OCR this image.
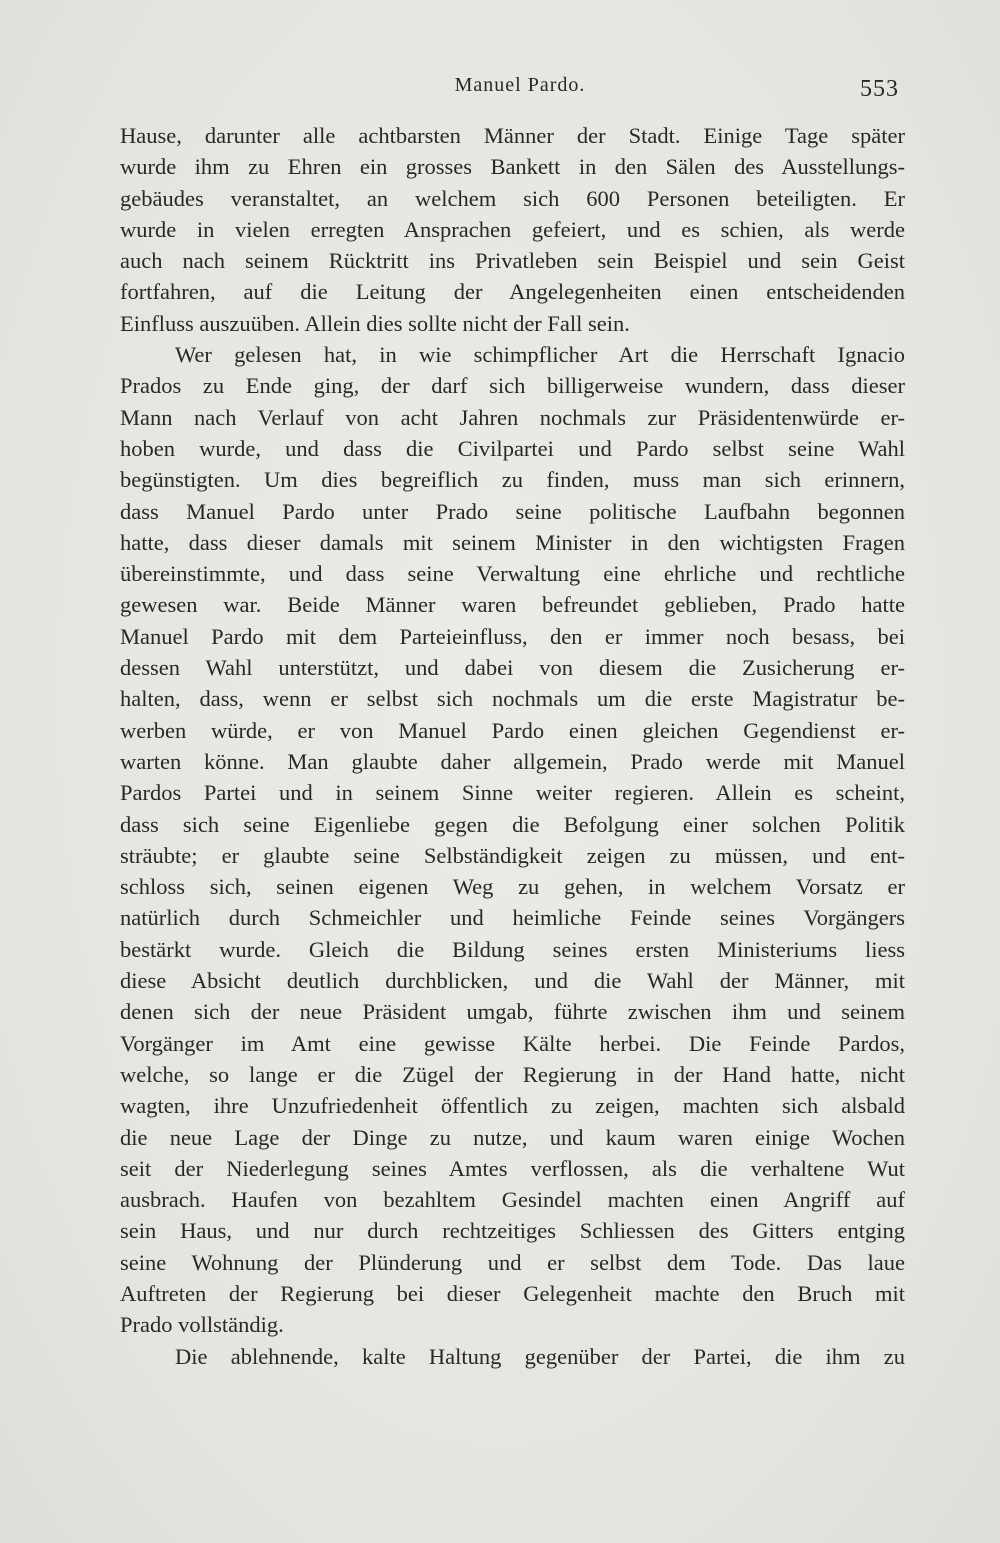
Manuel Pardo.	553
Hause, darunter alle achtbarsten Männer der Stadt. Einige Tage später
wurde ihm zu Ehren ein grosses Bankett in den Sälen des Ausstellungs-
gebäudes veranstaltet, an welchem sich 600 Personen beteiligten. Er
wurde in vielen erregten Ansprachen gefeiert, und es schien, als werde
auch nach seinem Rücktritt ins Privatleben sein Beispiel und sein Geist
fortfahren, auf die Leitung der Angelegenheiten einen entscheidenden
Einfluss auszuüben. Allein dies sollte nicht der Fall sein.
Wer gelesen hat, in wie schimpflicher Art die Herrschaft Ignacio
Prados zu Ende ging, der darf sich billigerweise wundern, dass dieser
Mann nach Verlauf von acht Jahren nochmals zur Präsidentenwürde er-
hoben wurde, und dass die Civilpartei und Pardo selbst seine Wahl
begünstigten. Um dies begreiflich zu finden, muss man sich erinnern,
dass Manuel Pardo unter Prado seine politische Laufbahn begonnen
hatte, dass dieser damals mit seinem Minister in den wichtigsten Fragen
übereinstimmte, und dass seine Verwaltung eine ehrliche und rechtliche
gewesen war. Beide Männer waren befreundet geblieben, Prado hatte
Manuel Pardo mit dem Parteieinfluss, den er immer noch besass, bei
dessen Wahl unterstützt, und dabei von diesem die Zusicherung er-
halten, dass, wenn er selbst sich nochmals um die erste Magistratur be-
werben würde, er von Manuel Pardo einen gleichen Gegendienst er-
warten könne. Man glaubte daher allgemein, Prado werde mit Manuel
Pardos Partei und in seinem Sinne weiter regieren. Allein es scheint,
dass sich seine Eigenliebe gegen die Befolgung einer solchen Politik
sträubte; er glaubte seine Selbständigkeit zeigen zu müssen, und ent-
schloss sich, seinen eigenen Weg zu gehen, in welchem Vorsatz er
natürlich durch Schmeichler und heimliche Feinde seines Vorgängers
bestärkt wurde. Gleich die Bildung seines ersten Ministeriums liess
diese Absicht deutlich durchblicken, und die Wahl der Männer, mit
denen sich der neue Präsident umgab, führte zwischen ihm und seinem
Vorgänger im Amt eine gewisse Kälte herbei. Die Feinde Pardos,
welche, so lange er die Zügel der Regierung in der Hand hatte, nicht
wagten, ihre Unzufriedenheit öffentlich zu zeigen, machten sich alsbald
die neue Lage der Dinge zu nutze, und kaum waren einige Wochen
seit der Niederlegung seines Amtes verflossen, als die verhaltene Wut
ausbrach. Haufen von bezahltem Gesindel machten einen Angriff auf
sein Haus, und nur durch rechtzeitiges Schliessen des Gitters entging
seine Wohnung der Plünderung und er selbst dem Tode. Das laue
Auftreten der Regierung bei dieser Gelegenheit machte den Bruch mit
Prado vollständig.
Die ablehnende, kalte Haltung gegenüber der Partei, die ihm zu
